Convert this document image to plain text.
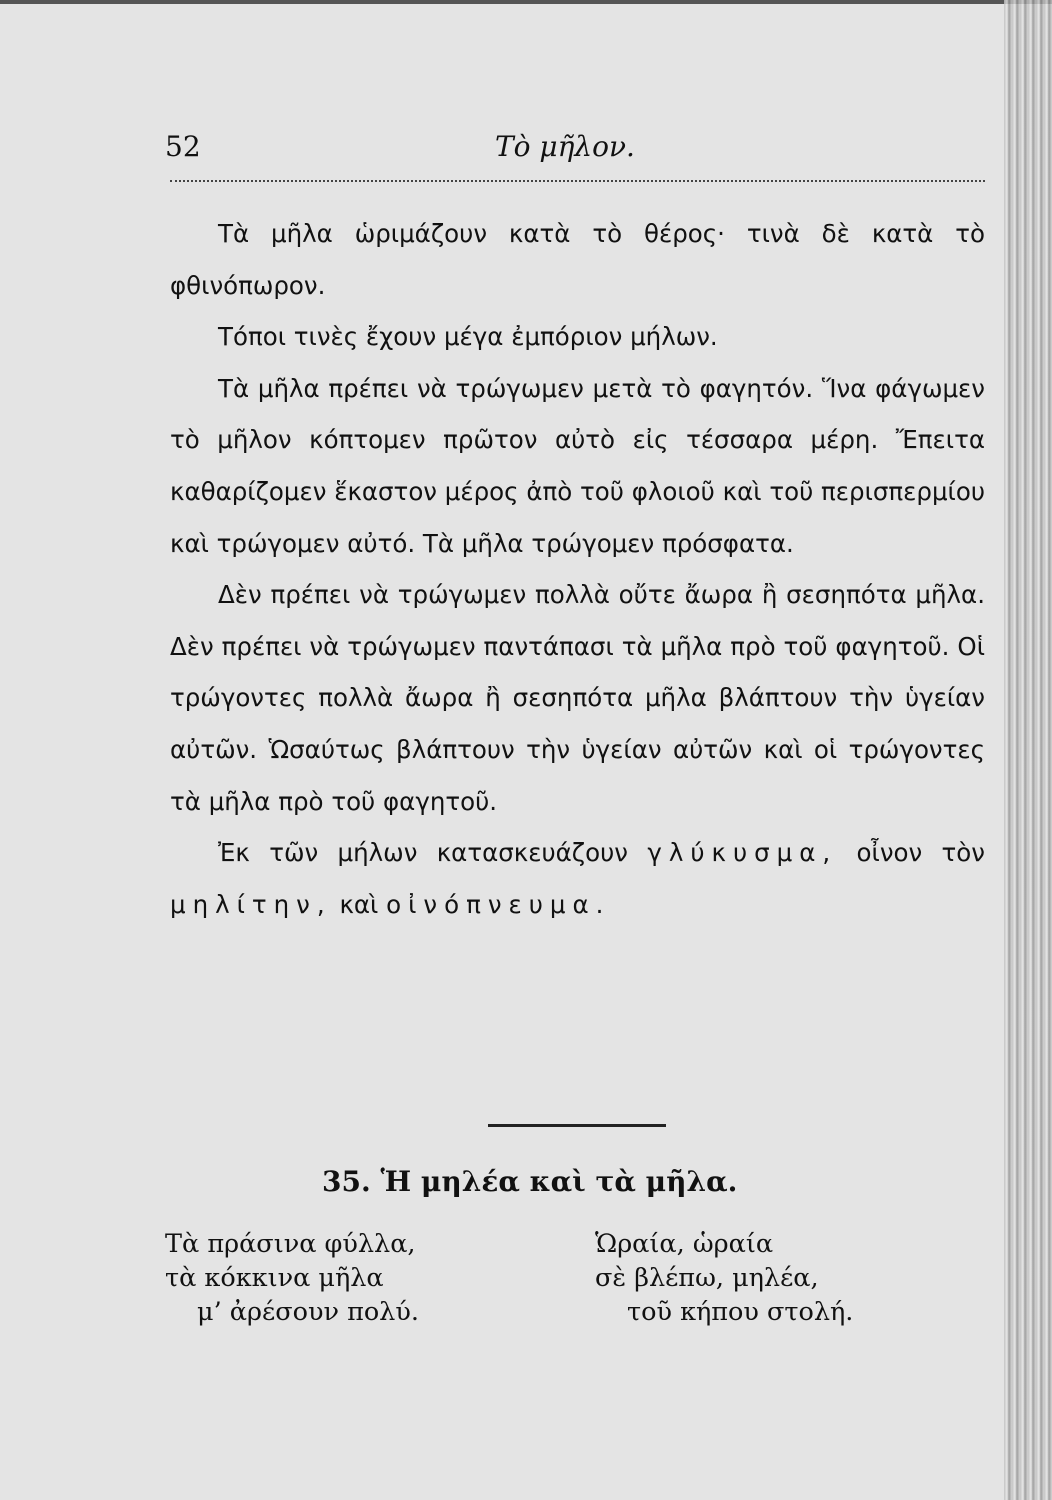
52	Τὸ μῆλον.

Τὰ μῆλα ὡριμάζουν κατὰ τὸ θέρος· τινὰ δὲ κατὰ τὸ φθινόπωρον.

Τόποι τινὲς ἔχουν μέγα ἐμπόριον μήλων.

Τὰ μῆλα πρέπει νὰ τρώγωμεν μετὰ τὸ φαγητόν. Ἵνα φάγωμεν τὸ μῆλον κόπτομεν πρῶτον αὐτὸ εἰς τέσσαρα μέρη. Ἔπειτα καθαρίζομεν ἕκαστον μέρος ἀπὸ τοῦ φλοιοῦ καὶ τοῦ περισπερμίου καὶ τρώγομεν αὐτό. Τὰ μῆλα τρώγομεν πρόσφατα.

Δὲν πρέπει νὰ τρώγωμεν πολλὰ οὔτε ἄωρα ἢ σεσηπότα μῆλα. Δὲν πρέπει νὰ τρώγωμεν παντάπασι τὰ μῆλα πρὸ τοῦ φαγητοῦ. Οἱ τρώγοντες πολλὰ ἄωρα ἢ σεσηπότα μῆλα βλάπτουν τὴν ὑγείαν αὐτῶν. Ὡσαύτως βλάπτουν τὴν ὑγείαν αὐτῶν καὶ οἱ τρώγοντες τὰ μῆλα πρὸ τοῦ φαγητοῦ.

Ἐκ τῶν μήλων κατασκευάζουν γλύκυσμα, οἶνον τὸν μηλίτην, καὶ οἰνόπνευμα.

35. Ἡ μηλέα καὶ τὰ μῆλα.
Τὰ πράσινα φύλλα,
τὰ κόκκινα μῆλα
μ’ ἀρέσουν πολύ.
Ὡραία, ὡραία
σὲ βλέπω, μηλέα,
τοῦ κήπου στολή.
